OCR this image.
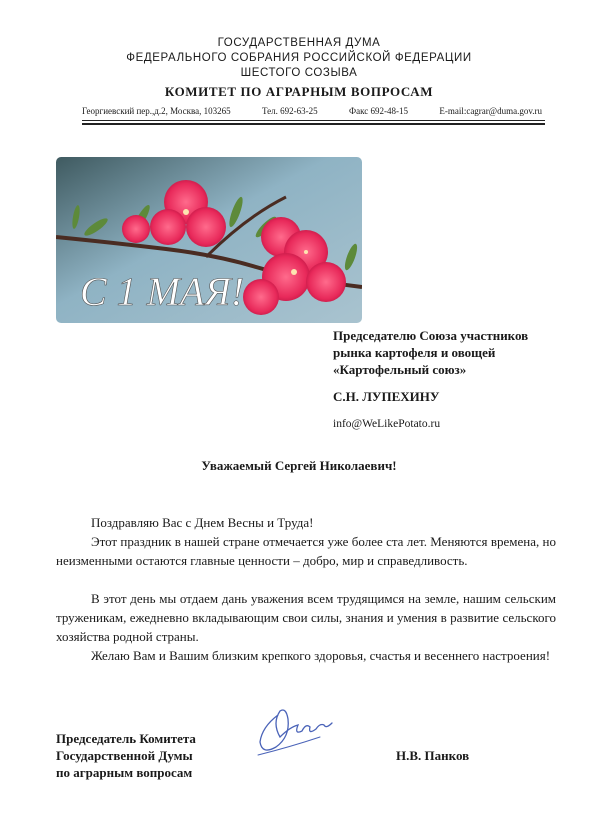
ГОСУДАРСТВЕННАЯ ДУМА
ФЕДЕРАЛЬНОГО СОБРАНИЯ РОССИЙСКОЙ ФЕДЕРАЦИИ
ШЕСТОГО СОЗЫВА
КОМИТЕТ ПО АГРАРНЫМ ВОПРОСАМ
Георгиевский пер.,д.2, Москва, 103265	Тел. 692-63-25	Факс 692-48-15	E-mail:cagrar@duma.gov.ru
С 1 МАЯ!
Председателю Союза участников
рынка картофеля и овощей
«Картофельный союз»
С.Н. ЛУПЕХИНУ
info@WeLikePotato.ru
Уважаемый Сергей Николаевич!
Поздравляю Вас с Днем Весны и Труда!
Этот праздник в нашей стране отмечается уже более ста лет. Меняются времена, но неизменными остаются главные ценности – добро, мир и справедливость.
В этот день мы отдаем дань уважения всем трудящимся на земле, нашим сельским труженикам, ежедневно вкладывающим свои силы, знания и умения в развитие сельского хозяйства родной страны.
Желаю Вам и Вашим близким крепкого здоровья, счастья и весеннего настроения!
Председатель Комитета
Государственной Думы
по аграрным вопросам
Н.В. Панков
